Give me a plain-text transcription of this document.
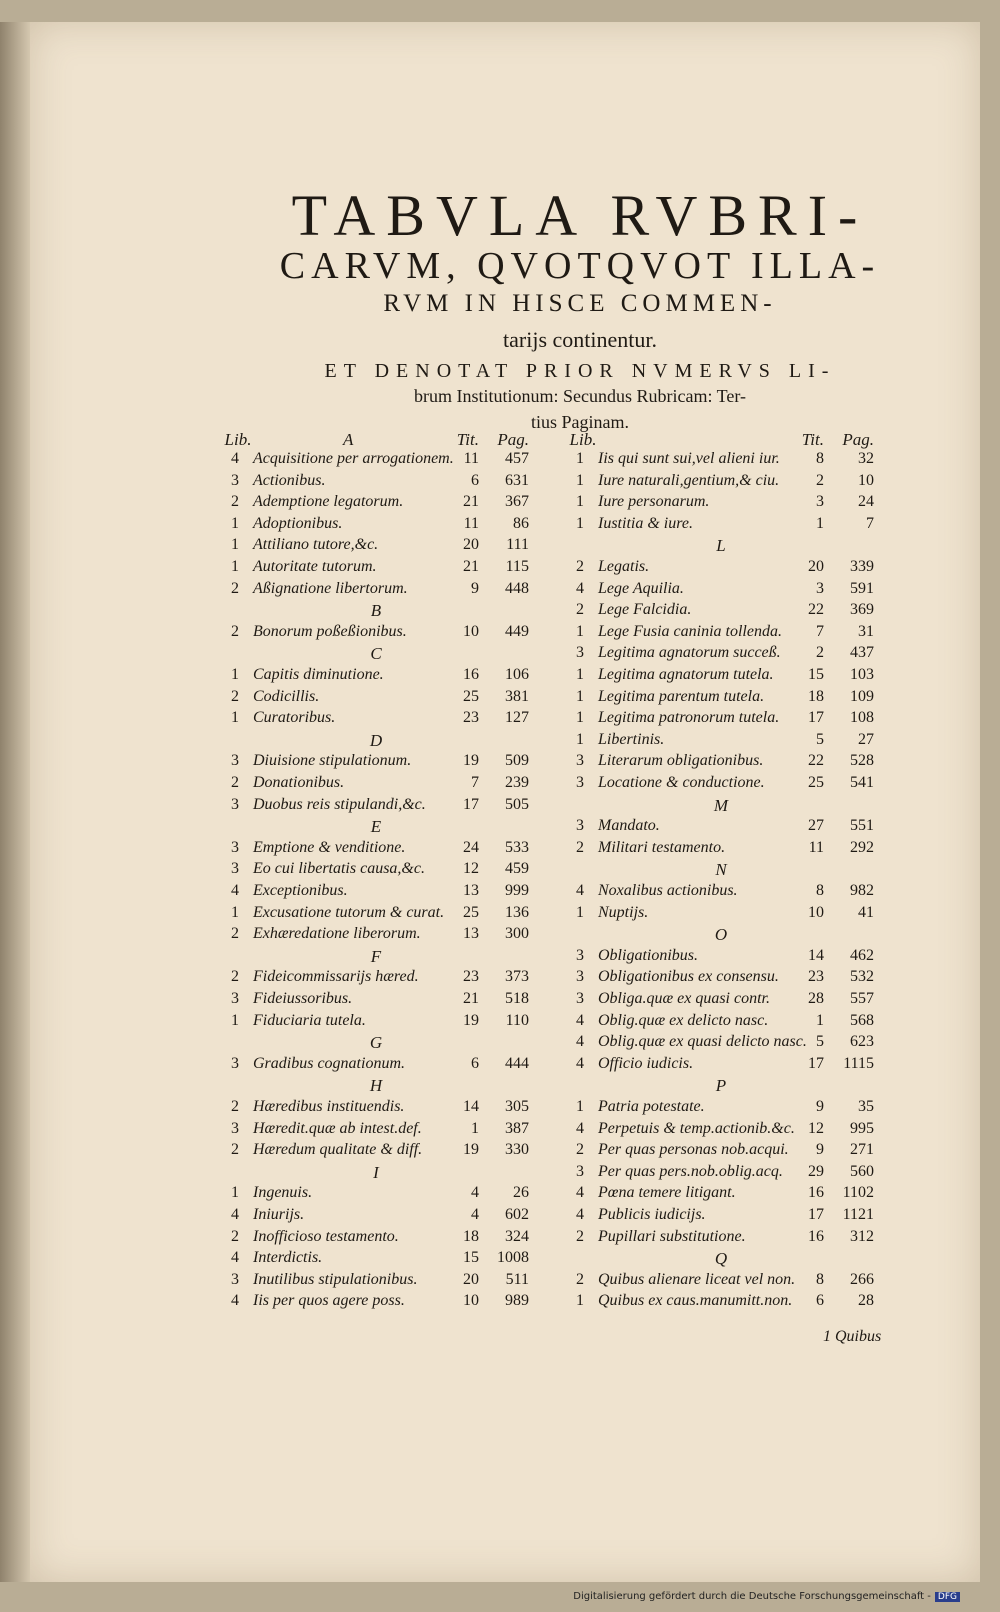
TABVLA RVBRI-
CARVM, QVOTQVOT ILLA-
RVM IN HISCE COMMEN-
tarijs continentur.
ET DENOTAT PRIOR NVMERVS LI-
brum Institutionum: Secundus Rubricam: Ter-
tius Paginam.
Lib.	Tit.	Pag.
A	Lib.	Tit.	Pag.
4 Acquisitione per arrogationem. 11	457
3 Actionibus.	6	631
2 Ademptione legatorum.	21	367
1 Adoptionibus.	11	86
1 Attiliano tutore,&c.	20	111
1 Autoritate tutorum.	21	115
2 Aßignatione libertorum.	9	448
B
2 Bonorum poßeßionibus.	10	449
C
1 Capitis diminutione.	16	106
2 Codicillis.	25	381
1 Curatoribus.	23	127
D
3 Diuisione stipulationum.	19	509
2 Donationibus.	7	239
3 Duobus reis stipulandi,&c.	17	505
E
3 Emptione & venditione.	24	533
3 Eo cui libertatis causa,&c.	12	459
4 Exceptionibus.	13	999
1 Excusatione tutorum & curat.	25	136
2 Exhæredatione liberorum.	13	300
F
2 Fideicommissarijs hæred.	23	373
3 Fideiussoribus.	21	518
1 Fiduciaria tutela.	19	110
G
3 Gradibus cognationum.	6	444
H
2 Hæredibus instituendis.	14	305
3 Hæredit.quæ ab intest.def.	1	387
2 Hæredum qualitate & diff.	19	330
I
1 Ingenuis.	4	26
4 Iniurijs.	4	602
2 Inofficioso testamento.	18	324
4 Interdictis.	15	1008
3 Inutilibus stipulationibus.	20	511
4 Iis per quos agere poss.	10	989
1 Iis qui sunt sui,vel alieni iur.	8	32
1 Iure naturali,gentium,& ciu.	2	10
1 Iure personarum.	3	24
1 Iustitia & iure.	1	7
L
2 Legatis.	20	339
4 Lege Aquilia.	3	591
2 Lege Falcidia.	22	369
1 Lege Fusia caninia tollenda.	7	31
3 Legitima agnatorum succeß.	2	437
1 Legitima agnatorum tutela.	15	103
1 Legitima parentum tutela.	18	109
1 Legitima patronorum tutela.	17	108
1 Libertinis.	5	27
3 Literarum obligationibus.	22	528
3 Locatione & conductione.	25	541
M
3 Mandato.	27	551
2 Militari testamento.	11	292
N
4 Noxalibus actionibus.	8	982
1 Nuptijs.	10	41
O
3 Obligationibus.	14	462
3 Obligationibus ex consensu.	23	532
3 Obliga.quæ ex quasi contr.	28	557
4 Oblig.quæ ex delicto nasc.	1	568
4 Oblig.quæ ex quasi delicto nasc. 5	623
4 Officio iudicis.	17	1115
P
1 Patria potestate.	9	35
4 Perpetuis & temp.actionib.&c. 12	995
2 Per quas personas nob.acqui.	9	271
3 Per quas pers.nob.oblig.acq.	29	560
4 Pœna temere litigant.	16	1102
4 Publicis iudicijs.	17	1121
2 Pupillari substitutione.	16	312
Q
2 Quibus alienare liceat vel non.	8	266
1 Quibus ex caus.manumitt.non.	6	28
1 Quibus
Digitalisierung gefördert durch die Deutsche Forschungsgemeinschaft - DFG
